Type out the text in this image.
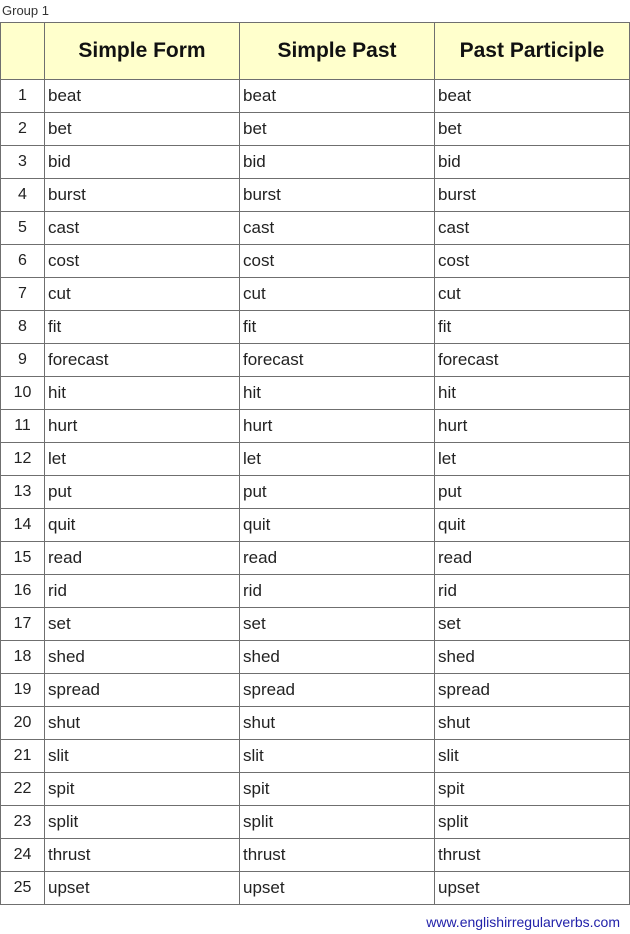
Group 1
	Simple Form	Simple Past	Past Participle
1	beat	beat	beat
2	bet	bet	bet
3	bid	bid	bid
4	burst	burst	burst
5	cast	cast	cast
6	cost	cost	cost
7	cut	cut	cut
8	fit	fit	fit
9	forecast	forecast	forecast
10	hit	hit	hit
11	hurt	hurt	hurt
12	let	let	let
13	put	put	put
14	quit	quit	quit
15	read	read	read
16	rid	rid	rid
17	set	set	set
18	shed	shed	shed
19	spread	spread	spread
20	shut	shut	shut
21	slit	slit	slit
22	spit	spit	spit
23	split	split	split
24	thrust	thrust	thrust
25	upset	upset	upset
www.englishirregularverbs.com
